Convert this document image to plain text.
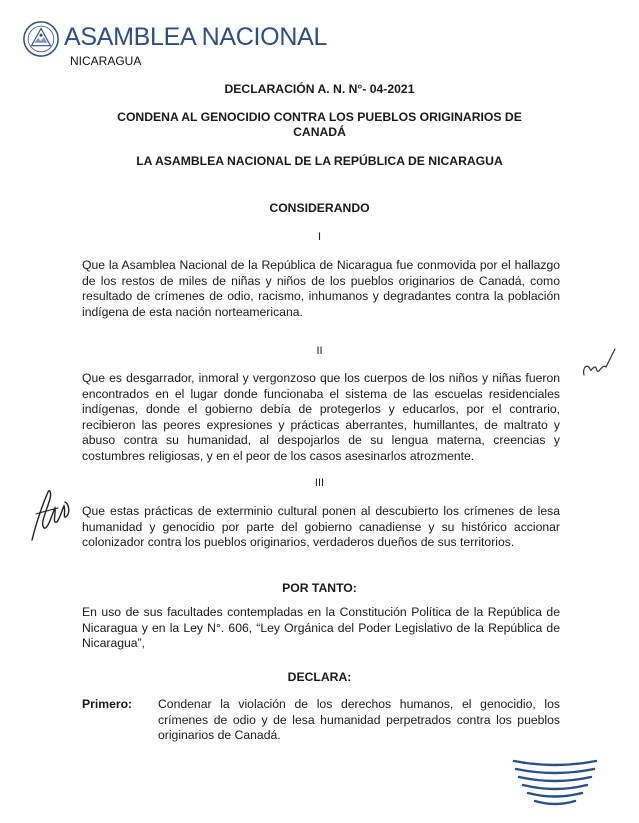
ASAMBLEA NACIONAL
NICARAGUA
DECLARACIÓN A. N. N°- 04-2021
CONDENA AL GENOCIDIO CONTRA LOS PUEBLOS ORIGINARIOS DE
CANADÁ
LA ASAMBLEA NACIONAL DE LA REPÚBLICA DE NICARAGUA
CONSIDERANDO
I
Que la Asamblea Nacional de la República de Nicaragua fue conmovida por el hallazgo de los restos de miles de niñas y niños de los pueblos originarios de Canadá, como resultado de crímenes de odio, racismo, inhumanos y degradantes contra la población indígena de esta nación norteamericana.
II
Que es desgarrador, inmoral y vergonzoso que los cuerpos de los niños y niñas fueron encontrados en el lugar donde funcionaba el sistema de las escuelas residenciales indígenas, donde el gobierno debía de protegerlos y educarlos, por el contrario, recibieron las peores expresiones y prácticas aberrantes, humillantes, de maltrato y abuso contra su humanidad, al despojarlos de su lengua materna, creencias y costumbres religiosas, y en el peor de los casos asesinarlos atrozmente.
III
Que estas prácticas de exterminio cultural ponen al descubierto los crímenes de lesa humanidad y genocidio por parte del gobierno canadiense y su histórico accionar colonizador contra los pueblos originarios, verdaderos dueños de sus territorios.
POR TANTO:
En uso de sus facultades contempladas en la Constitución Política de la República de Nicaragua y en la Ley N°. 606, “Ley Orgánica del Poder Legislativo de la República de Nicaragua”,
DECLARA:
Primero: Condenar la violación de los derechos humanos, el genocidio, los crímenes de odio y de lesa humanidad perpetrados contra los pueblos originarios de Canadá.
